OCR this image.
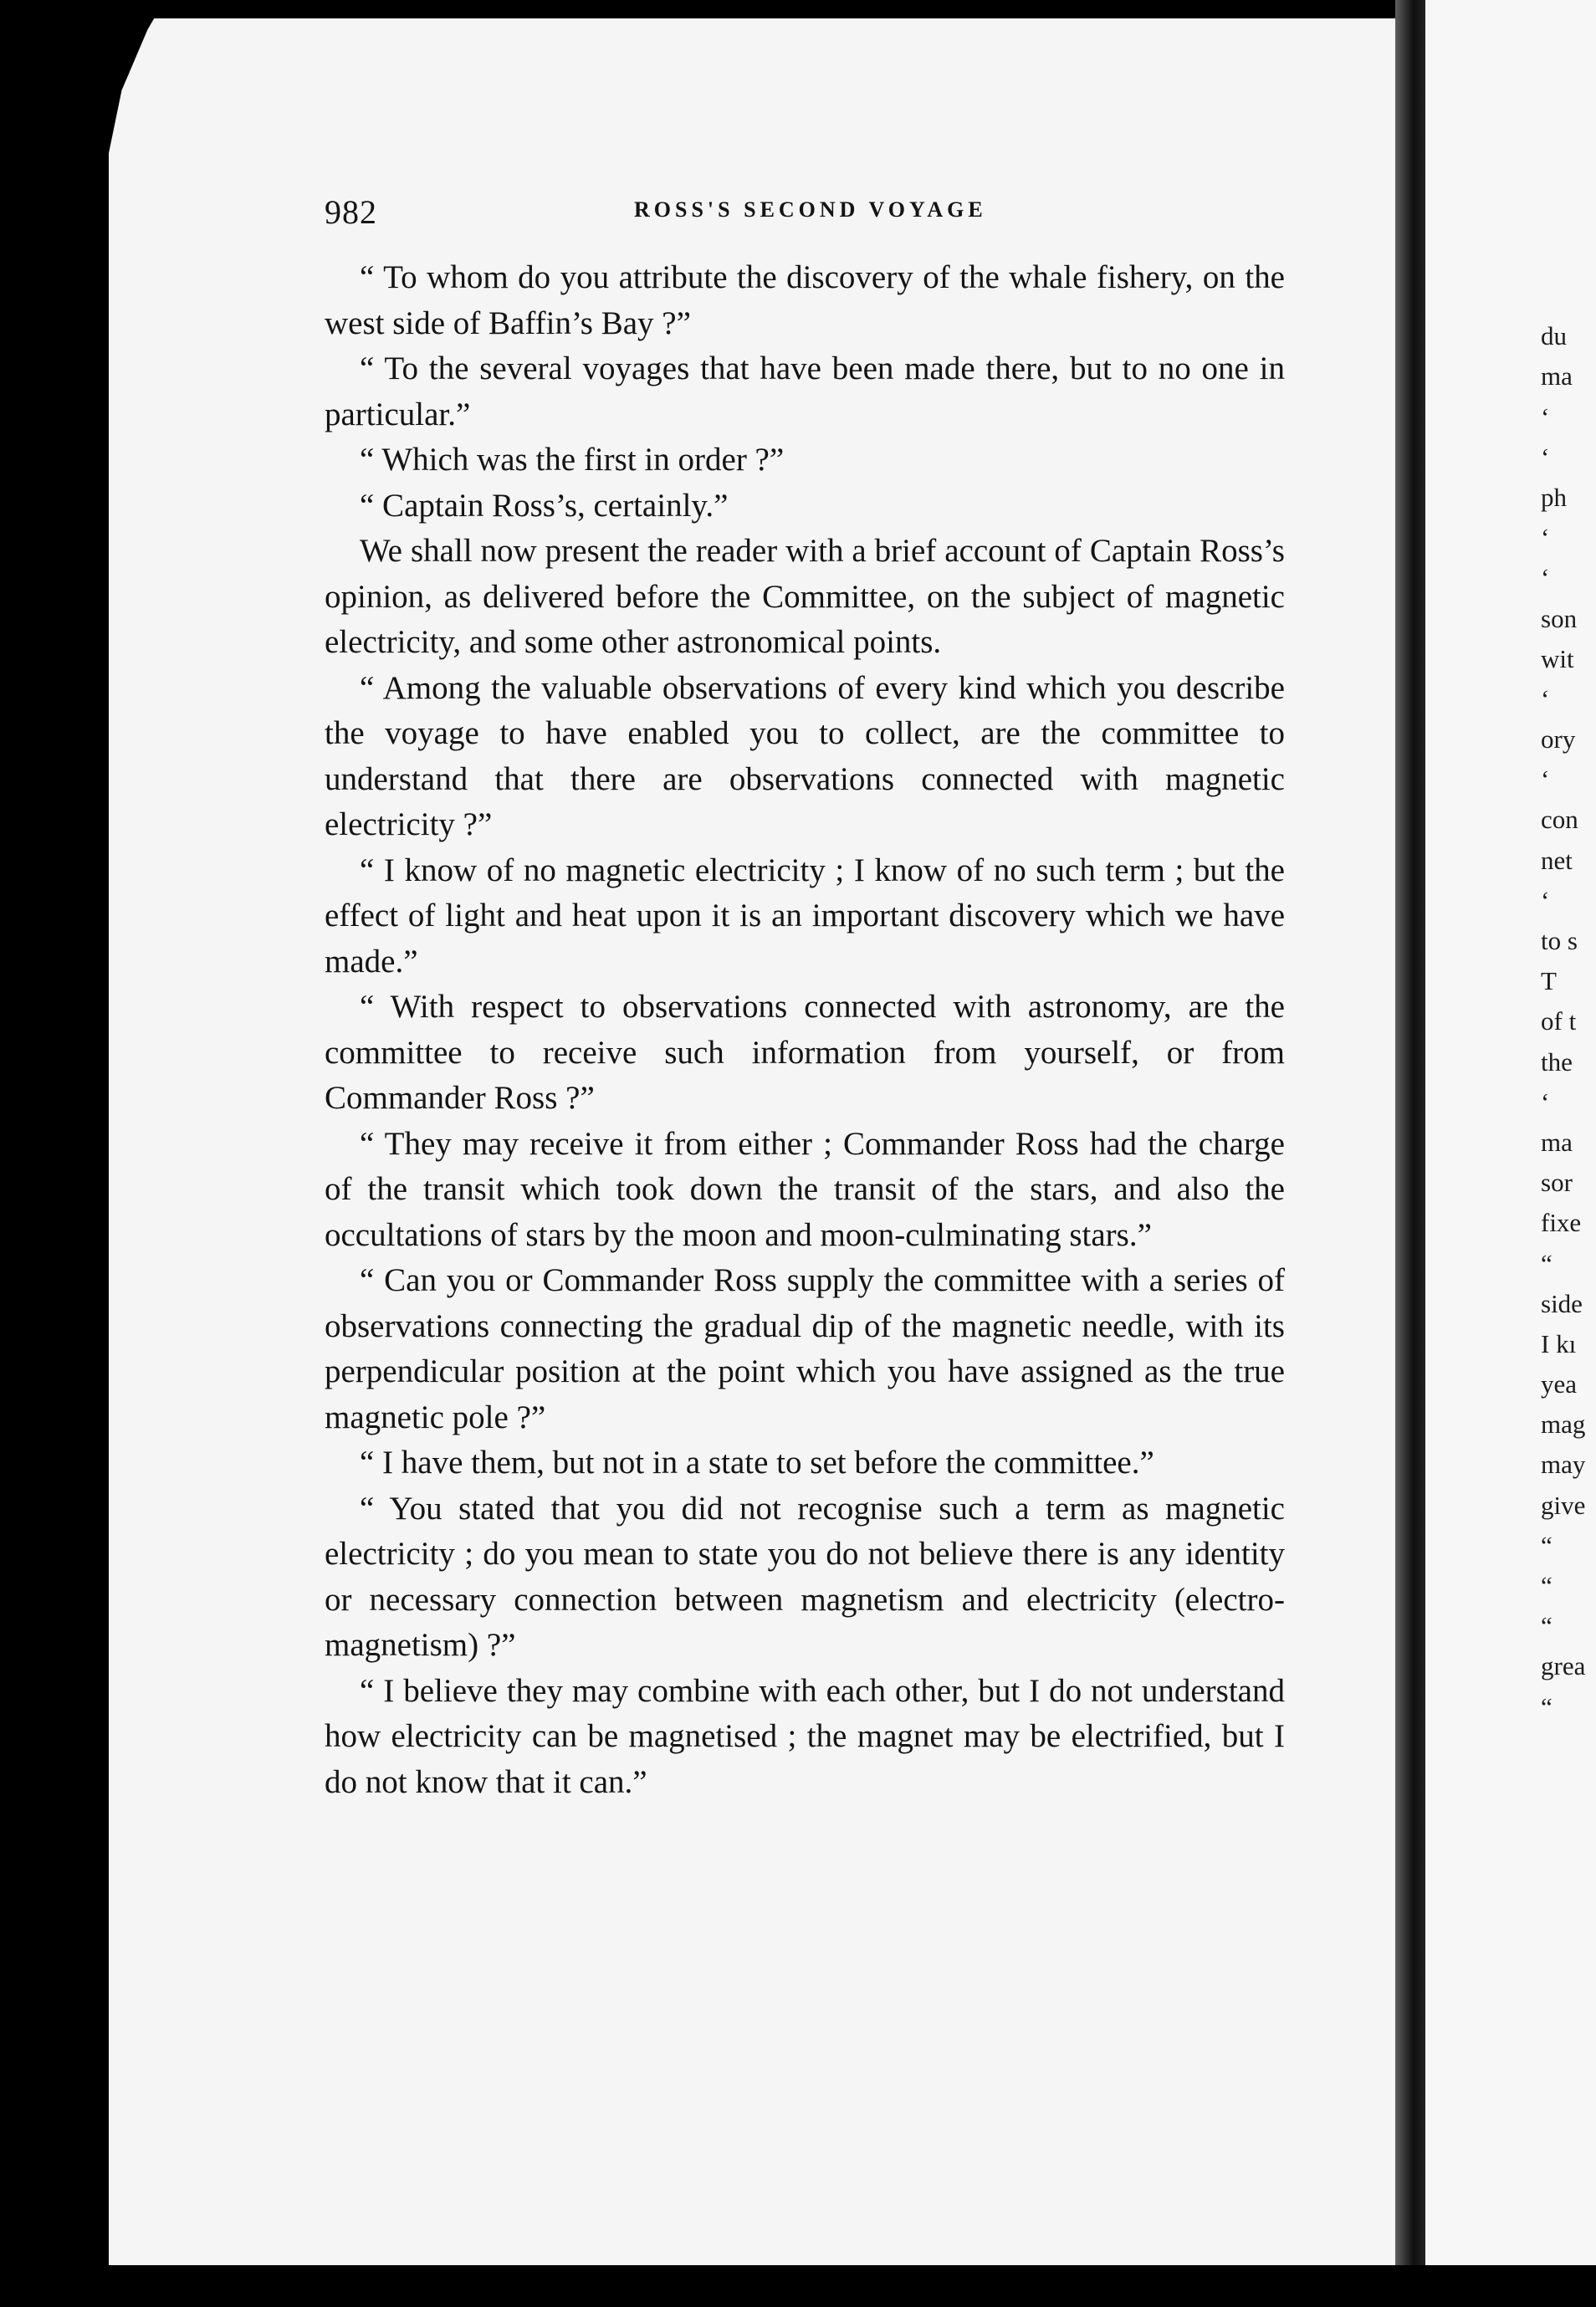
982	ROSS'S SECOND VOYAGE

“ To whom do you attribute the discovery of the whale fishery, on the west side of Baffin’s Bay ?”

“ To the several voyages that have been made there, but to no one in particular.”

“ Which was the first in order ?”

“ Captain Ross’s, certainly.”

We shall now present the reader with a brief account of Captain Ross’s opinion, as delivered before the Committee, on the subject of magnetic electricity, and some other astronomical points.

“ Among the valuable observations of every kind which you describe the voyage to have enabled you to collect, are the committee to understand that there are observations connected with magnetic electricity ?”

“ I know of no magnetic electricity ; I know of no such term ; but the effect of light and heat upon it is an important discovery which we have made.”

“ With respect to observations connected with astronomy, are the committee to receive such information from yourself, or from Commander Ross ?”

“ They may receive it from either ; Commander Ross had the charge of the transit which took down the transit of the stars, and also the occultations of stars by the moon and moon-culminating stars.”

“ Can you or Commander Ross supply the committee with a series of observations connecting the gradual dip of the magnetic needle, with its perpendicular position at the point which you have assigned as the true magnetic pole ?”

“ I have them, but not in a state to set before the committee.”

“ You stated that you did not recognise such a term as magnetic electricity ; do you mean to state you do not believe there is any identity or necessary connection between magnetism and electricity (electro-magnetism) ?”

“ I believe they may combine with each other, but I do not understand how electricity can be magnetised ; the magnet may be electrified, but I do not know that it can.”

du
ma
‘
‘
ph
‘
‘
son
wit
‘
ory
‘
con
net
‘
to s
T
of t
the
‘
ma
sor
fixe
“
side
I kı
yea
mag
may
give
“
“
“
grea
“
